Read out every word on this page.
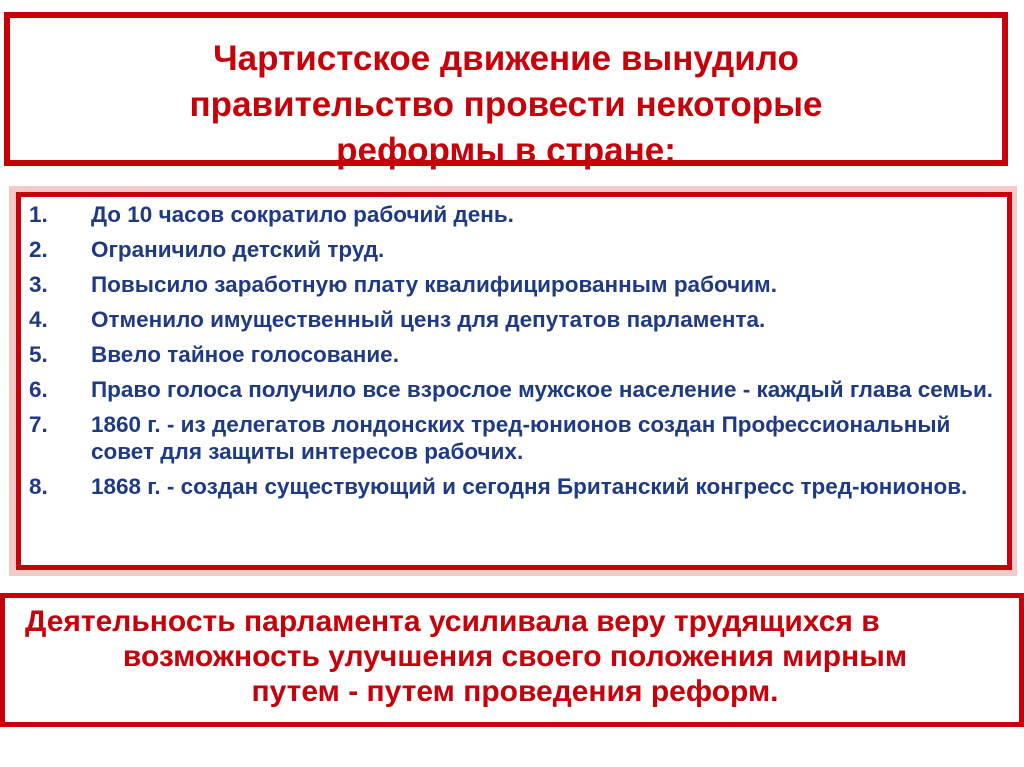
Чартистское движение вынудило
правительство провести некоторые
реформы в стране:
1. До 10 часов сократило рабочий день.
2. Ограничило детский труд.
3. Повысило заработную плату квалифицированным рабочим.
4. Отменило имущественный ценз для депутатов парламента.
5. Ввело тайное голосование.
6. Право голоса получило все взрослое мужское население - каждый глава семьи.
7. 1860 г. - из делегатов лондонских тред-юнионов создан Профессиональный совет для защиты интересов рабочих.
8. 1868 г. - создан существующий и сегодня Британский конгресс тред-юнионов.
Деятельность парламента усиливала веру трудящихся в
возможность улучшения своего положения мирным
путем - путем проведения реформ.
